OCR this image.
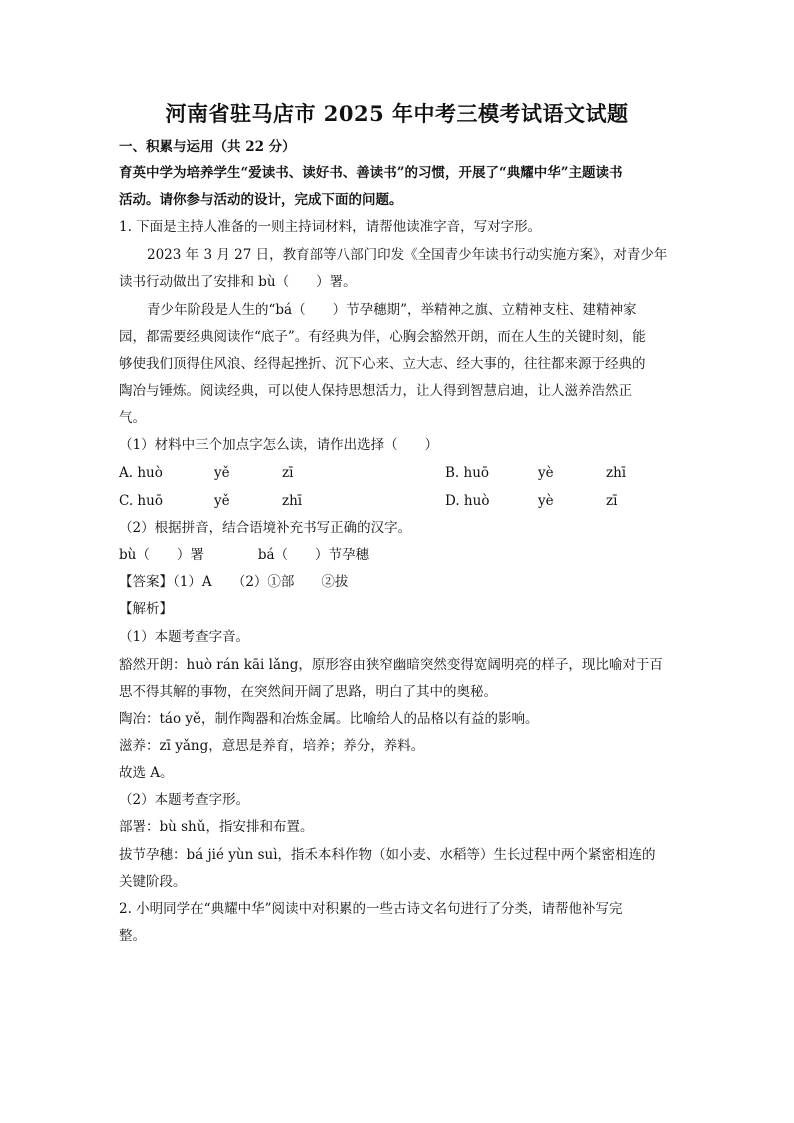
河南省驻马店市 2025 年中考三模考试语文试题
一、积累与运用（共 22 分）
育英中学为培养学生“爱读书、读好书、善读书”的习惯，开展了“典耀中华”主题读书
活动。请你参与活动的设计，完成下面的问题。
1. 下面是主持人准备的一则主持词材料，请帮他读准字音，写对字形。
2023 年 3 月 27 日，教育部等八部门印发《全国青少年读书行动实施方案》，对青少年
读书行动做出了安排和 bù（　　）署。
青少年阶段是人生的“bá（　　）节孕穗期”，举精神之旗、立精神支柱、建精神家
园，都需要经典阅读作“底子”。有经典为伴，心胸会豁然开朗，而在人生的关键时刻，能
够使我们顶得住风浪、经得起挫折、沉下心来、立大志、经大事的，往往都来源于经典的
陶冶与锤炼。阅读经典，可以使人保持思想活力，让人得到智慧启迪，让人滋养浩然正
气。
（1）材料中三个加点字怎么读，请作出选择（　　）
A. huò	yě	zī	B. huō	yè	zhī
C. huō	yě	zhī	D. huò	yè	zī
（2）根据拼音，结合语境补充书写正确的汉字。
bù（　　）署　　　　bá（　　）节孕穗
【答案】（1）A　　（2）①部　　②拔
【解析】
（1）本题考查字音。
豁然开朗：huò rán kāi lǎng，原形容由狭窄幽暗突然变得宽阔明亮的样子，现比喻对于百
思不得其解的事物，在突然间开阔了思路，明白了其中的奥秘。
陶冶：táo yě，制作陶器和冶炼金属。比喻给人的品格以有益的影响。
滋养：zī yǎng，意思是养育，培养；养分，养料。
故选 A。
（2）本题考查字形。
部署：bù shǔ，指安排和布置。
拔节孕穗：bá jié yùn suì，指禾本科作物（如小麦、水稻等）生长过程中两个紧密相连的
关键阶段。
2. 小明同学在“典耀中华”阅读中对积累的一些古诗文名句进行了分类，请帮他补写完
整。
